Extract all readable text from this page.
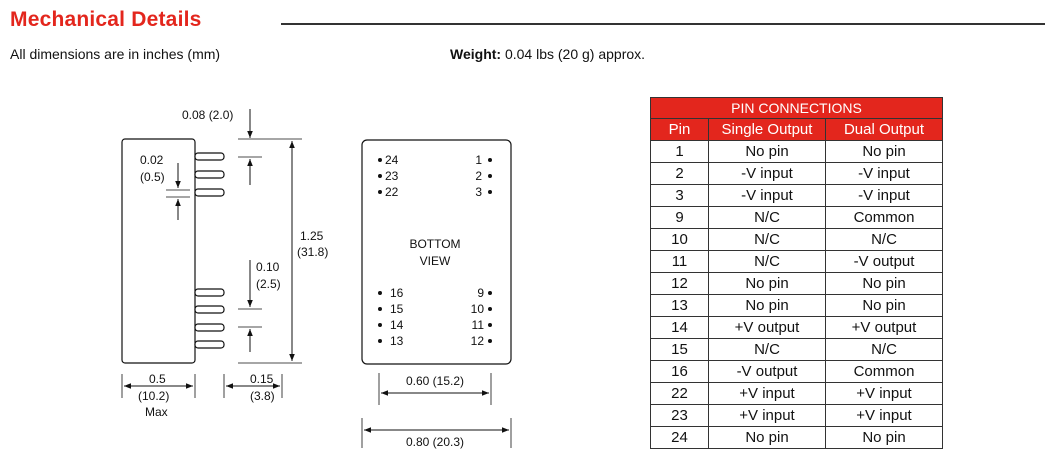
Mechanical Details
All dimensions are in inches (mm)	Weight: 0.04 lbs (20 g) approx.
0.08 (2.0)
0.02
(0.5)
1.25
(31.8)
0.10
(2.5)
0.5
(10.2)
Max
0.15
(3.8)
BOTTOM
VIEW
24
23
22
1
2
3
16
15
14
13
9
10
11
12
0.60 (15.2)
0.80 (20.3)
PIN CONNECTIONS		
Pin	Single Output	Dual Output
1	No pin	No pin
2	-V input	-V input
3	-V input	-V input
9	N/C	Common
10	N/C	N/C
11	N/C	-V output
12	No pin	No pin
13	No pin	No pin
14	+V output	+V output
15	N/C	N/C
16	-V output	Common
22	+V input	+V input
23	+V input	+V input
24	No pin	No pin
